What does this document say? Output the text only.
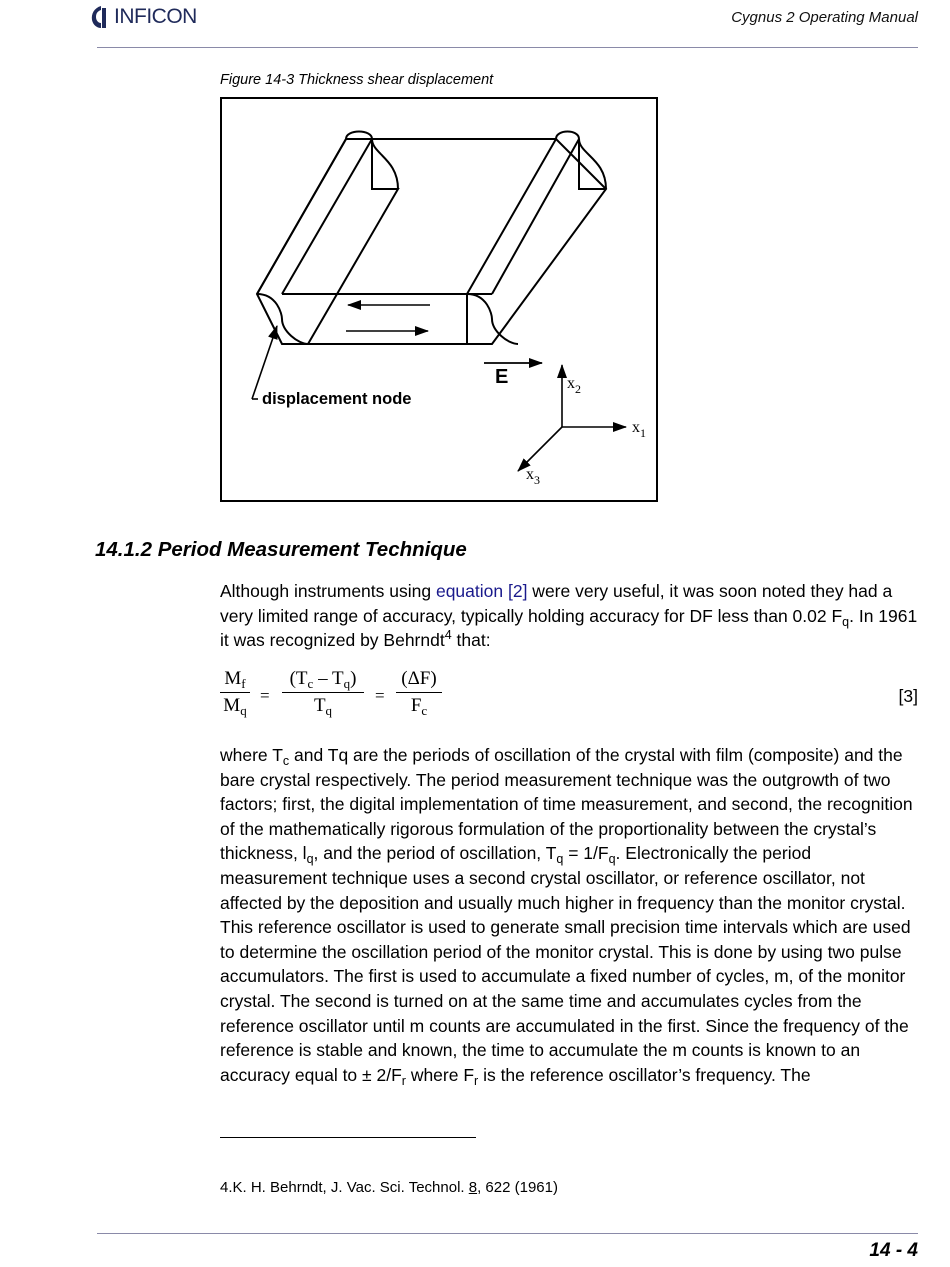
INFICON	Cygnus 2 Operating Manual
Figure 14-3 Thickness shear displacement
E
displacement node
$x_2$
$x_1$
$x_3$
14.1.2 Period Measurement Technique
Although instruments using equation [2] were very useful, it was soon noted they had a very limited range of accuracy, typically holding accuracy for DF less than 0.02 $F_q$. In 1961 it was recognized by Behrndt$^4$ that:
$M_f$
$M_q$
=
$(T_c - T_q)$
$T_q$
=
(ΔF)
$F_c$
[3]
where $T_c$ and Tq are the periods of oscillation of the crystal with film (composite) and the bare crystal respectively. The period measurement technique was the outgrowth of two factors; first, the digital implementation of time measurement, and second, the recognition of the mathematically rigorous formulation of the proportionality between the crystal’s thickness, $l_q$, and the period of oscillation, $T_q = 1/F_q$. Electronically the period measurement technique uses a second crystal oscillator, or reference oscillator, not affected by the deposition and usually much higher in frequency than the monitor crystal. This reference oscillator is used to generate small precision time intervals which are used to determine the oscillation period of the monitor crystal. This is done by using two pulse accumulators. The first is used to accumulate a fixed number of cycles, m, of the monitor crystal. The second is turned on at the same time and accumulates cycles from the reference oscillator until m counts are accumulated in the first. Since the frequency of the reference is stable and known, the time to accumulate the m counts is known to an accuracy equal to ± $2/F_r$ where $F_r$ is the reference oscillator’s frequency. The
4.K. H. Behrndt, J. Vac. Sci. Technol. 8, 622 (1961)
14 - 4
